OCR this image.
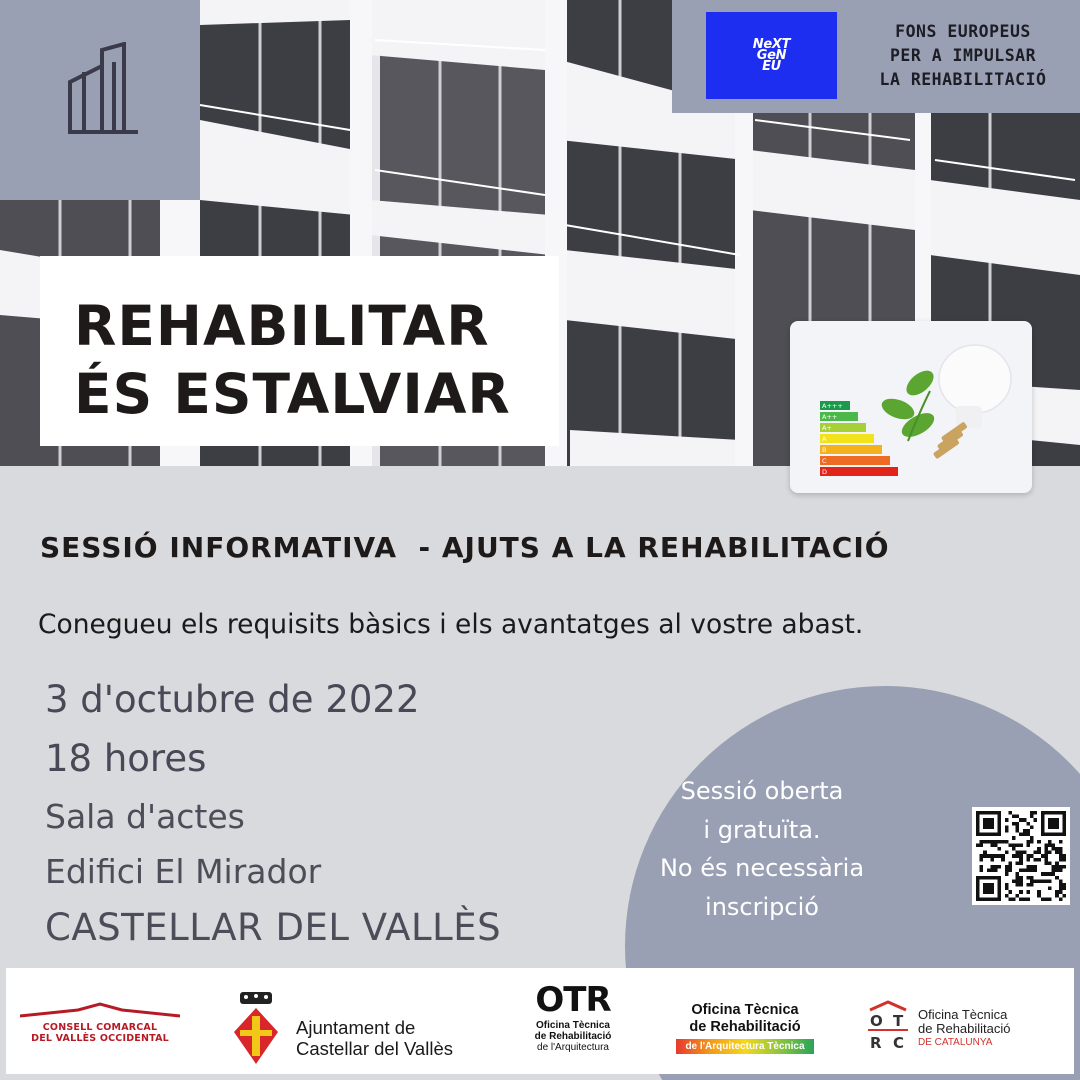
NeXT
GeN
EU
FONS EUROPEUS
PER A IMPULSAR
LA REHABILITACIÓ
REHABILITAR
ÉS ESTALVIAR	A+++
A++
A+
A
B
C
D
SESSIÓ INFORMATIVA  - AJUTS A LA REHABILITACIÓ
Conegueu els requisits bàsics i els avantatges al vostre abast.
3 d'octubre de 2022
18 hores
Sala d'actes
Edifici El Mirador
CASTELLAR DEL VALLÈS
Sessió oberta
i gratuïta.
No és necessària
inscripció
CONSELL COMARCAL
DEL VALLÈS OCCIDENTAL
Ajuntament de
Castellar del Vallès
OTR
Oficina Tècnica
de Rehabilitació
de l'Arquitectura
Oficina Tècnica
de Rehabilitació
de l'Arquitectura Tècnica
O T
R C
Oficina Tècnica
de Rehabilitació
DE CATALUNYA
